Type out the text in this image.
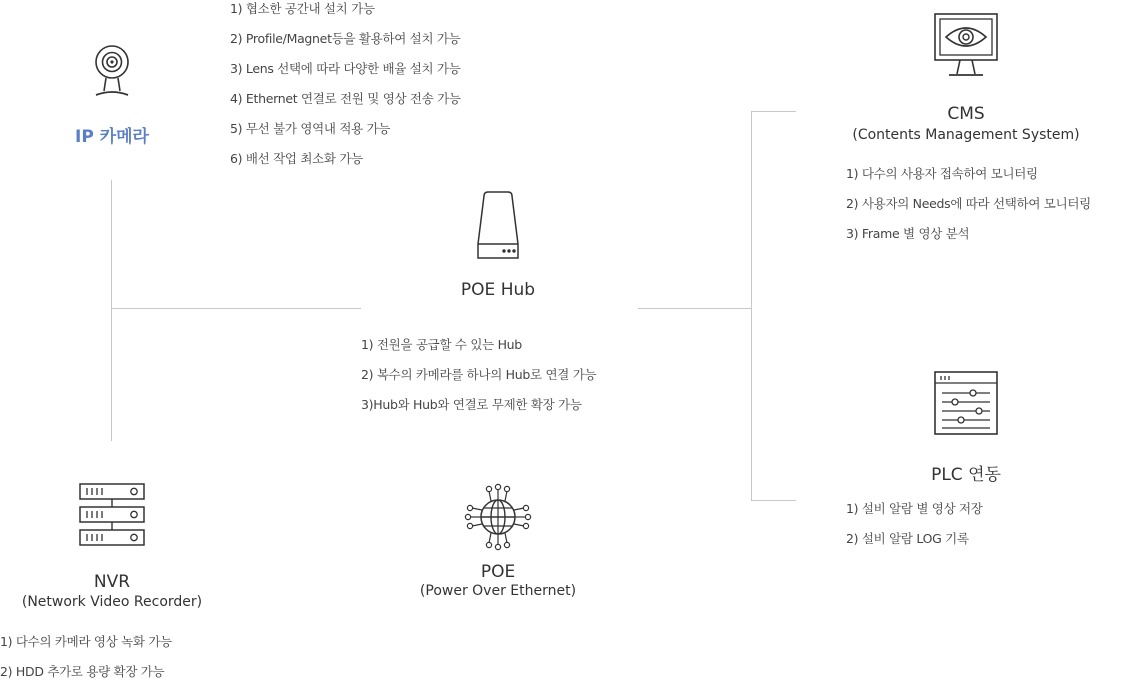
IP 카메라
1) 협소한 공간내 설치 가능
2) Profile/Magnet등을 활용하여 설치 가능
3) Lens 선택에 따라 다양한 배율 설치 가능
4) Ethernet 연결로 전원 및 영상 전송 가능
5) 무선 불가 영역내 적용 가능
6) 배선 작업 최소화 가능
POE Hub
1) 전원을 공급할 수 있는 Hub
2) 복수의 카메라를 하나의 Hub로 연결 가능
3)Hub와 Hub와 연결로 무제한 확장 가능
CMS
(Contents Management System)
1) 다수의 사용자 접속하여 모니터링
2) 사용자의 Needs에 따라 선택하여 모니터링
3) Frame 별 영상 분석
PLC 연동
1) 설비 알람 별 영상 저장
2) 설비 알람 LOG 기록
NVR
(Network Video Recorder)
1) 다수의 카메라 영상 녹화 가능
2) HDD 추가로 용량 확장 가능
POE
(Power Over Ethernet)
